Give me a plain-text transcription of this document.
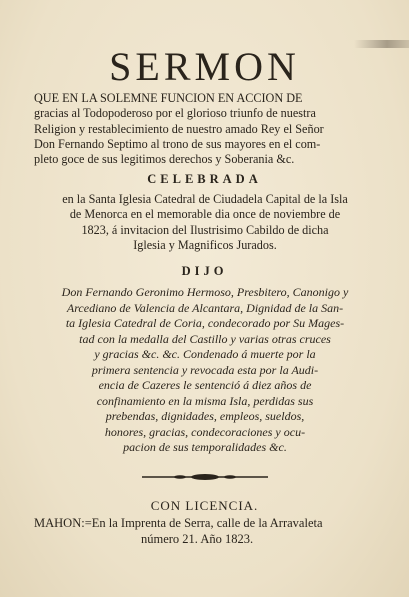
SERMON

QUE EN LA SOLEMNE FUNCION EN ACCION DE
gracias al Todopoderoso por el glorioso triunfo de nuestra
Religion y restablecimiento de nuestro amado Rey el Señor
Don Fernando Septimo al trono de sus mayores en el com-
pleto goce de sus legitimos derechos y Soberania &c.

CELEBRADA

en la Santa Iglesia Catedral de Ciudadela Capital de la Isla
de Menorca en el memorable dia once de noviembre de
1823, á invitacion del Ilustrisimo Cabildo de dicha
Iglesia y Magnificos Jurados.

DIJO

Don Fernando Geronimo Hermoso, Presbitero, Canonigo y
Arcediano de Valencia de Alcantara, Dignidad de la San-
ta Iglesia Catedral de Coria, condecorado por Su Mages-
tad con la medalla del Castillo y varias otras cruces
y gracias &c. &c. Condenado á muerte por la
primera sentencia y revocada esta por la Audi-
encia de Cazeres le sentenció á diez años de
confinamiento en la misma Isla, perdidas sus
prebendas, dignidades, empleos, sueldos,
honores, gracias, condecoraciones y ocu-
pacion de sus temporalidades &c.

CON LICENCIA.

MAHON:=En la Imprenta de Serra, calle de la Arravaleta
número 21. Año 1823.
